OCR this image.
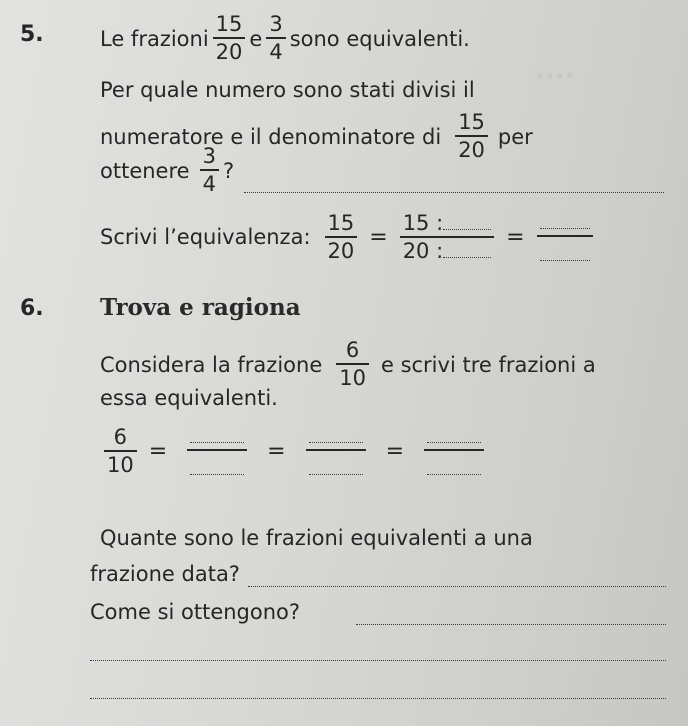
....
5.	Le frazioni $\frac{15}{20}$ e $\frac{3}{4}$ sono equivalenti.
Per quale numero sono stati divisi il
numeratore e il denominatore di $\frac{15}{20}$ per
ottenere $\frac{3}{4}$ ?
Scrivi l’equivalenza: $\frac{15}{20} = \frac{15 :}{20 :}$ =
6. Trova e ragiona
Considera la frazione $\frac{6}{10}$ e scrivi tre frazioni a
essa equivalenti.
$\frac{6}{10}$ =	=	=
Quante sono le frazioni equivalenti a una
frazione data?
Come si ottengono?
